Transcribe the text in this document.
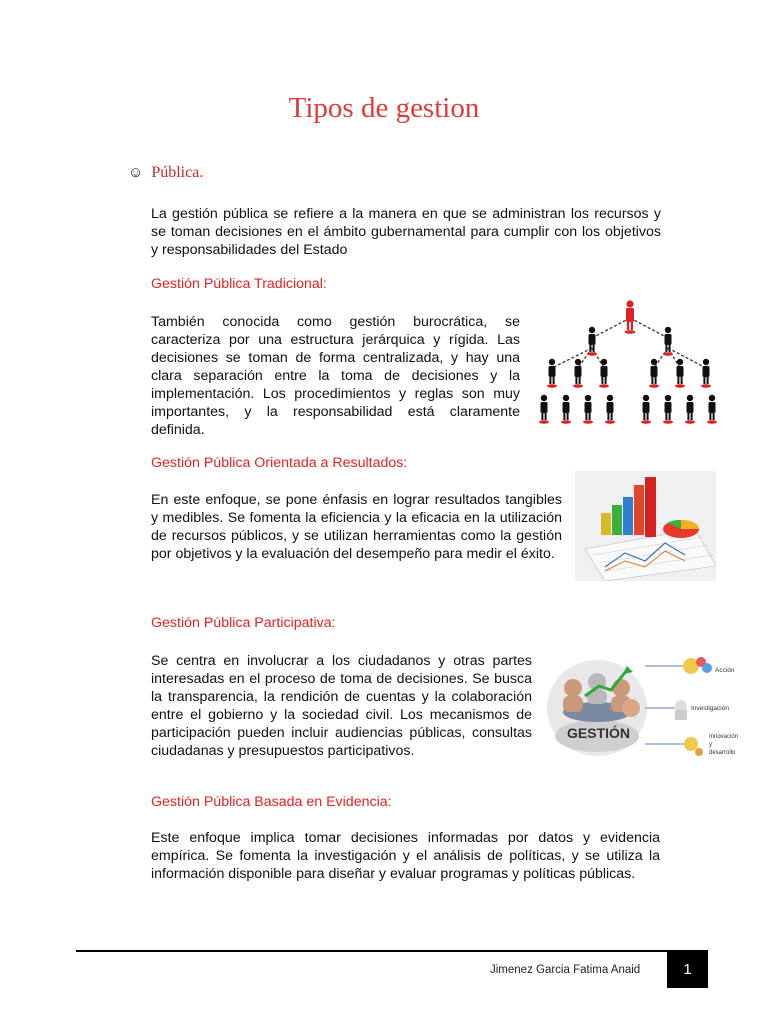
Tipos de gestion
☺ Pública.

La gestión pública se refiere a la manera en que se administran los recursos y se toman decisiones en el ámbito gubernamental para cumplir con los objetivos y responsabilidades del Estado

Gestión Pública Tradicional:

También conocida como gestión burocrática, se caracteriza por una estructura jerárquica y rígida. Las decisiones se toman de forma centralizada, y hay una clara separación entre la toma de decisiones y la implementación. Los procedimientos y reglas son muy importantes, y la responsabilidad está claramente definida.

Gestión Pública Orientada a Resultados:

En este enfoque, se pone énfasis en lograr resultados tangibles y medibles. Se fomenta la eficiencia y la eficacia en la utilización de recursos públicos, y se utilizan herramientas como la gestión por objetivos y la evaluación del desempeño para medir el éxito.

Gestión Pública Participativa:

Se centra en involucrar a los ciudadanos y otras partes interesadas en el proceso de toma de decisiones. Se busca la transparencia, la rendición de cuentas y la colaboración entre el gobierno y la sociedad civil. Los mecanismos de participación pueden incluir audiencias públicas, consultas ciudadanas y presupuestos participativos.

GESTIÓN
Acción
Investigación
Innovación y desarrollo

Gestión Pública Basada en Evidencia:

Este enfoque implica tomar decisiones informadas por datos y evidencia empírica. Se fomenta la investigación y el análisis de políticas, y se utiliza la información disponible para diseñar y evaluar programas y políticas públicas.

Jimenez Garcia Fatima Anaid	1
